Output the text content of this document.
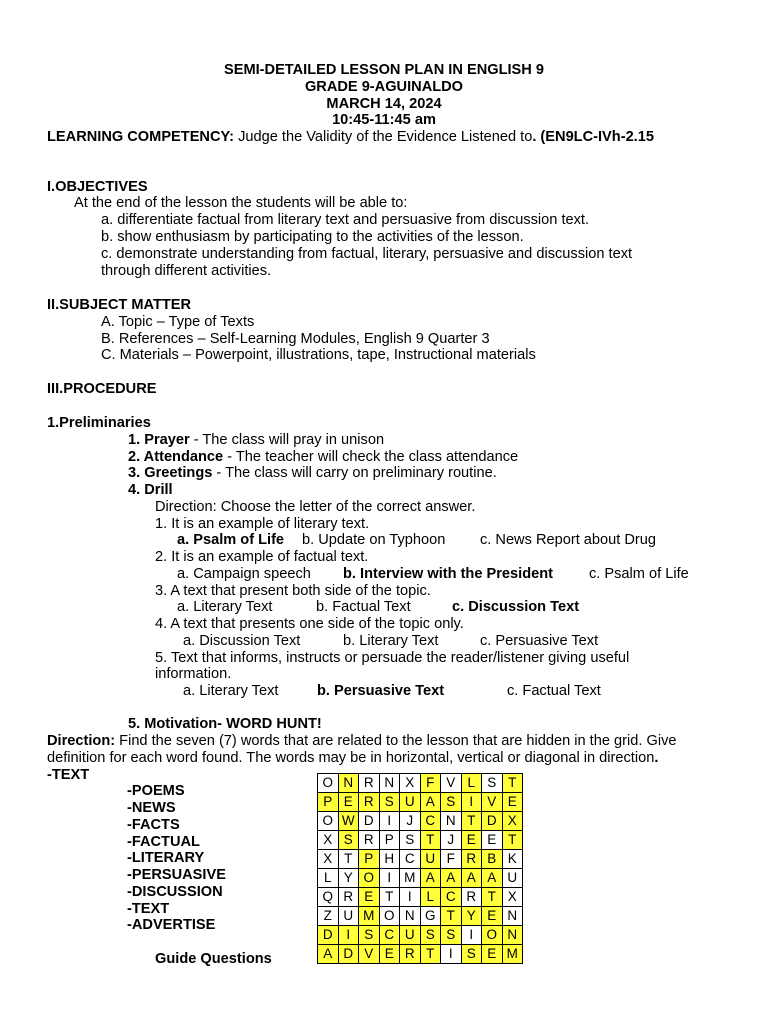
SEMI-DETAILED LESSON PLAN IN ENGLISH 9
GRADE 9-AGUINALDO
MARCH 14, 2024
10:45-11:45 am
LEARNING COMPETENCY: Judge the Validity of the Evidence Listened to. (EN9LC-IVh-2.15
I.OBJECTIVES
At the end of the lesson the students will be able to:
a. differentiate factual from literary text and persuasive from discussion text.
b. show enthusiasm by participating to the activities of the lesson.
c. demonstrate understanding from factual, literary, persuasive and discussion text
through different activities.
II.SUBJECT MATTER
A. Topic – Type of Texts
B. References – Self-Learning Modules, English 9 Quarter 3
C. Materials – Powerpoint, illustrations, tape, Instructional materials
III.PROCEDURE
1.Preliminaries
1. Prayer - The class will pray in unison
2. Attendance - The teacher will check the class attendance
3. Greetings - The class will carry on preliminary routine.
4. Drill
Direction: Choose the letter of the correct answer.
1. It is an example of literary text.
a. Psalm of Life b. Update on Typhoon c. News Report about Drug
2. It is an example of factual text.
a. Campaign speech b. Interview with the President c. Psalm of Life
3. A text that present both side of the topic.
a. Literary Text	b. Factual Text	c. Discussion Text
4. A text that presents one side of the topic only.
a. Discussion Text	b. Literary Text	c. Persuasive Text
5. Text that informs, instructs or persuade the reader/listener giving useful
information.
a. Literary Text	b. Persuasive Text	c. Factual Text
5. Motivation- WORD HUNT!
Direction: Find the seven (7) words that are related to the lesson that are hidden in the grid. Give
definition for each word found. The words may be in horizontal, vertical or diagonal in direction.
-TEXT
-POEMS
-NEWS
-FACTS
-FACTUAL
-LITERARY
-PERSUASIVE
-DISCUSSION
-TEXT
-ADVERTISE
Guide Questions
O	N	R	N	X	F	V	L	S	T
P	E	R	S	U	A	S	I	V	E
O	W	D	I	J	C	N	T	D	X
X	S	R	P	S	T	J	E	E	T
X	T	P	H	C	U	F	R	B	K
L	Y	O	I	M	A	A	A	A	U
Q	R	E	T	I	L	C	R	T	X
Z	U	M	O	N	G	T	Y	E	N
D	I	S	C	U	S	S	I	O	N
A	D	V	E	R	T	I	S	E	M
